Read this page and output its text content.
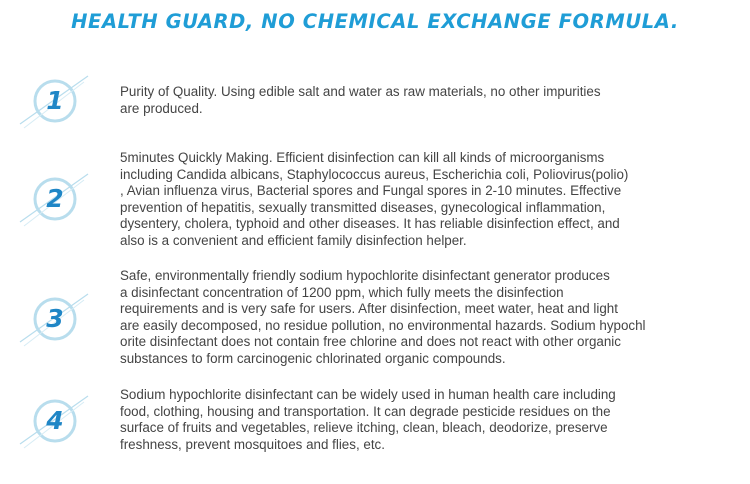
HEALTH GUARD, NO CHEMICAL EXCHANGE FORMULA.
1	Purity of Quality. Using edible salt and water as raw materials, no other impurities
are produced.
2
5minutes Quickly Making. Efficient disinfection can kill all kinds of microorganisms
including Candida albicans, Staphylococcus aureus, Escherichia coli, Poliovirus(polio)
, Avian influenza virus, Bacterial spores and Fungal spores in 2-10 minutes. Effective
prevention of hepatitis, sexually transmitted diseases, gynecological inflammation,
dysentery, cholera, typhoid and other diseases. It has reliable disinfection effect, and
also is a convenient and efficient family disinfection helper.
3
Safe, environmentally friendly sodium hypochlorite disinfectant generator produces
a disinfectant concentration of 1200 ppm, which fully meets the disinfection
requirements and is very safe for users. After disinfection, meet water, heat and light
are easily decomposed, no residue pollution, no environmental hazards. Sodium hypochl
orite disinfectant does not contain free chlorine and does not react with other organic
substances to form carcinogenic chlorinated organic compounds.
4
Sodium hypochlorite disinfectant can be widely used in human health care including
food, clothing, housing and transportation. It can degrade pesticide residues on the
surface of fruits and vegetables, relieve itching, clean, bleach, deodorize, preserve
freshness, prevent mosquitoes and flies, etc.
